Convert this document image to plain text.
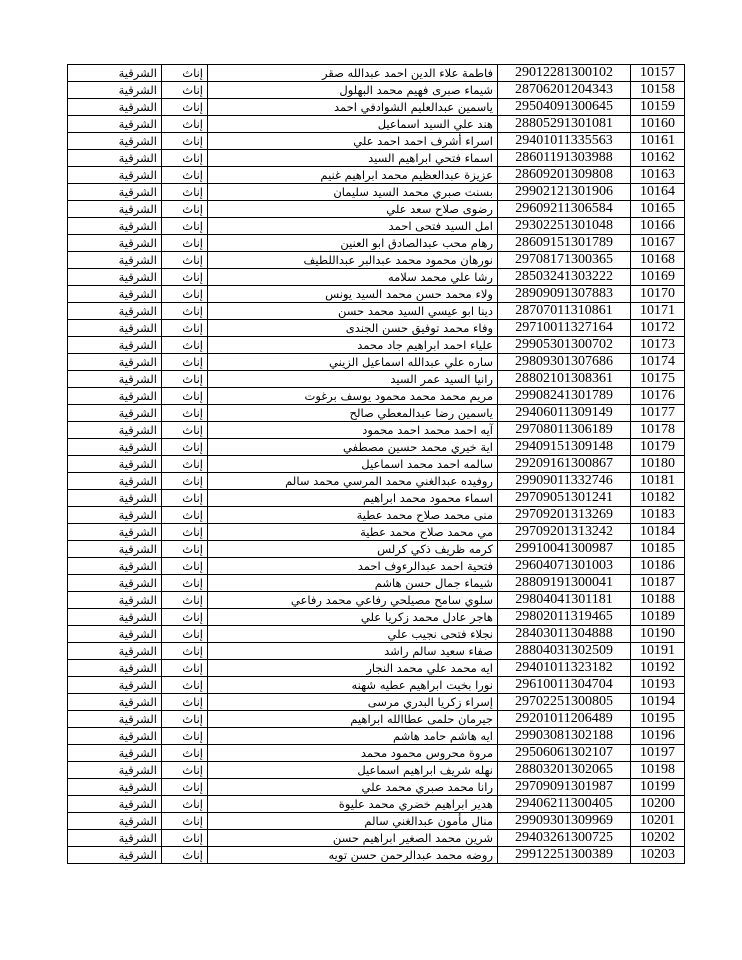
الشرقية	إناث	فاطمة علاء الدين احمد عبدالله صقر	29012281300102	10157
الشرقية	إناث	شيماء صبرى فهيم محمد البهلول	28706201204343	10158
الشرقية	إناث	ياسمين عبدالعليم الشوادفي احمد	29504091300645	10159
الشرقية	إناث	هند علي السيد اسماعيل	28805291301081	10160
الشرقية	إناث	اسراء أشرف احمد احمد علي	29401011335563	10161
الشرقية	إناث	اسماء فتحي ابراهيم السيد	28601191303988	10162
الشرقية	إناث	عزيزة عبدالعظيم محمد ابراهيم غنيم	28609201309808	10163
الشرقية	إناث	بسنت صبري محمد السيد سليمان	29902121301906	10164
الشرقية	إناث	رضوى صلاح سعد علي	29609211306584	10165
الشرقية	إناث	امل السيد فتحى احمد	29302251301048	10166
الشرقية	إناث	رهام محب عبدالصادق ابو العنين	28609151301789	10167
الشرقية	إناث	نورهان محمود محمد عبدالبر عبداللطيف	29708171300365	10168
الشرقية	إناث	رشا علي محمد سلامه	28503241303222	10169
الشرقية	إناث	ولاء محمد حسن محمد السيد يونس	28909091307883	10170
الشرقية	إناث	دينا ابو عيسي السيد محمد حسن	28707011310861	10171
الشرقية	إناث	وفاء محمد توفيق حسن الجندى	29710011327164	10172
الشرقية	إناث	علياء احمد ابراهيم جاد محمد	29905301300702	10173
الشرقية	إناث	ساره علي عبدالله اسماعيل الزيني	29809301307686	10174
الشرقية	إناث	رانيا السيد عمر السيد	28802101308361	10175
الشرقية	إناث	مريم محمد محمد محمود يوسف برغوت	29908241301789	10176
الشرقية	إناث	ياسمين رضا عبدالمعطي صالح	29406011309149	10177
الشرقية	إناث	آيه احمد محمد احمد محمود	29708011306189	10178
الشرقية	إناث	اية خيري محمد حسين مصطفي	29409151309148	10179
الشرقية	إناث	سالمه احمد محمد اسماعيل	29209161300867	10180
الشرقية	إناث	روفيده عبدالغني محمد المرسي محمد سالم	29909011332746	10181
الشرقية	إناث	اسماء محمود محمد ابراهيم	29709051301241	10182
الشرقية	إناث	منى محمد صلاح محمد عطية	29709201313269	10183
الشرقية	إناث	مي محمد صلاح محمد عطية	29709201313242	10184
الشرقية	إناث	كرمه ظريف ذكي كرلس	29910041300987	10185
الشرقية	إناث	فتحية احمد عبدالرءوف احمد	29604071301003	10186
الشرقية	إناث	شيماء جمال حسن هاشم	28809191300041	10187
الشرقية	إناث	سلوي سامح مصيلحي رفاعي محمد رفاعي	29804041301181	10188
الشرقية	إناث	هاجر عادل محمد زكريا علي	29802011319465	10189
الشرقية	إناث	نجلاء فتحى نجيب علي	28403011304888	10190
الشرقية	إناث	صفاء سعيد سالم راشد	28804031302509	10191
الشرقية	إناث	ايه محمد علي محمد النجار	29401011323182	10192
الشرقية	إناث	نورا بخيت ابراهيم عطيه شهنه	29610011304704	10193
الشرقية	إناث	إسراء زكريا البدري مرسى	29702251300805	10194
الشرقية	إناث	جيرمان حلمى عطاالله ابراهيم	29201011206489	10195
الشرقية	إناث	ايه هاشم حامد هاشم	29903081302188	10196
الشرقية	إناث	مروة محروس محمود محمد	29506061302107	10197
الشرقية	إناث	نهله شريف ابراهيم اسماعيل	28803201302065	10198
الشرقية	إناث	رانا محمد صبري محمد علي	29709091301987	10199
الشرقية	إناث	هدير ابراهيم خضري محمد عليوة	29406211300405	10200
الشرقية	إناث	منال مأمون عبدالغني سالم	29909301309969	10201
الشرقية	إناث	شرين محمد الصغير ابراهيم حسن	29403261300725	10202
الشرقية	إناث	روضه محمد عبدالرحمن حسن تويه	29912251300389	10203
